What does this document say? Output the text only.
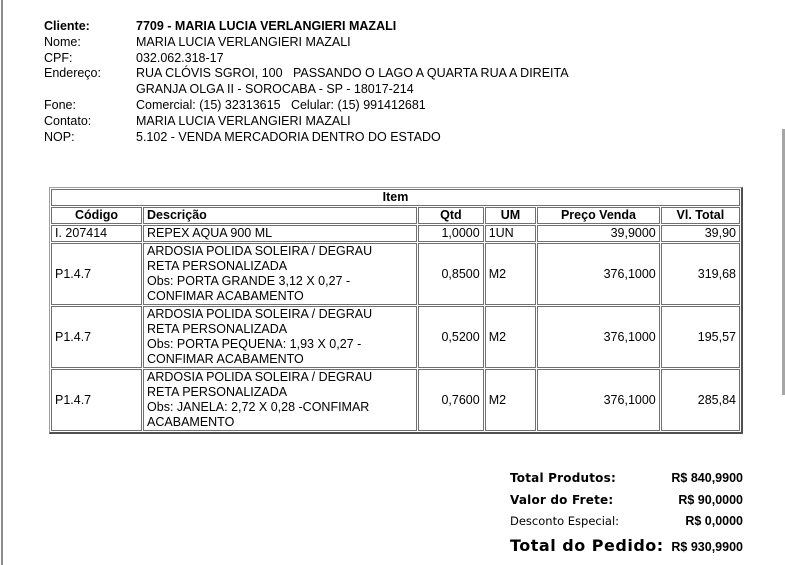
Cliente:	7709 - MARIA LUCIA VERLANGIERI MAZALI
Nome:	MARIA LUCIA VERLANGIERI MAZALI
CPF:	032.062.318-17
Endereço:	RUA CLÓVIS SGROI, 100   PASSANDO O LAGO A QUARTA RUA A DIREITA
GRANJA OLGA II - SOROCABA - SP - 18017-214
Fone:	Comercial: (15) 32313615   Celular: (15) 991412681
Contato:	MARIA LUCIA VERLANGIERI MAZALI
NOP:	5.102 - VENDA MERCADORIA DENTRO DO ESTADO
Item					
Código	Descrição	Qtd	UM	Preço Venda	Vl. Total
I. 207414	REPEX AQUA 900 ML	1,0000	1UN	39,9000	39,90
P1.4.7	ARDOSIA POLIDA SOLEIRA / DEGRAU
RETA PERSONALIZADA
Obs: PORTA GRANDE 3,12 X 0,27 -
CONFIMAR ACABAMENTO	0,8500	M2	376,1000	319,68
P1.4.7	ARDOSIA POLIDA SOLEIRA / DEGRAU
RETA PERSONALIZADA
Obs: PORTA PEQUENA: 1,93 X 0,27 -
CONFIMAR ACABAMENTO	0,5200	M2	376,1000	195,57
P1.4.7	ARDOSIA POLIDA SOLEIRA / DEGRAU
RETA PERSONALIZADA
Obs: JANELA: 2,72 X 0,28 -CONFIMAR
ACABAMENTO	0,7600	M2	376,1000	285,84
Total Produtos:	R$ 840,9900
Valor do Frete:	R$ 90,0000
Desconto Especial:	R$ 0,0000
Total do Pedido: R$ 930,9900
